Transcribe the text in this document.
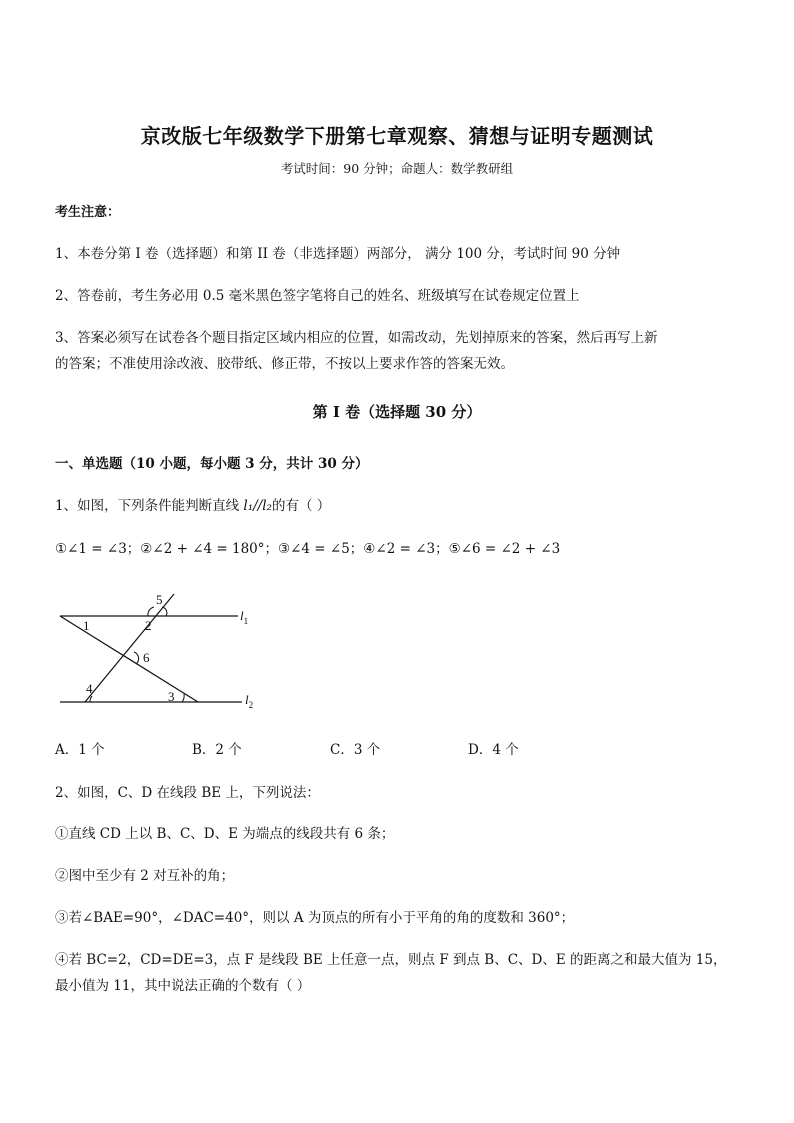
京改版七年级数学下册第七章观察、猜想与证明专题测试
考试时间：90 分钟；命题人：数学教研组
考生注意：
1、本卷分第 I 卷（选择题）和第 II 卷（非选择题）两部分， 满分 100 分，考试时间 90 分钟
2、答卷前，考生务必用 0.5 毫米黑色签字笔将自己的姓名、班级填写在试卷规定位置上
3、答案必须写在试卷各个题目指定区域内相应的位置，如需改动，先划掉原来的答案，然后再写上新
的答案；不准使用涂改液、胶带纸、修正带，不按以上要求作答的答案无效。
第 I 卷（选择题 30 分）
一、单选题（10 小题，每小题 3 分，共计 30 分）
1、如图，下列条件能判断直线 l₁//l₂的有（ ）
①∠1 = ∠3；②∠2 + ∠4 = 180°；③∠4 = ∠5；④∠2 = ∠3；⑤∠6 = ∠2 + ∠3
1	2
3
4
5
6
$l_1$
$l_2$
A．1 个	B．2 个	C．3 个	D．4 个
2、如图，C、D 在线段 BE 上，下列说法：
①直线 CD 上以 B、C、D、E 为端点的线段共有 6 条；
②图中至少有 2 对互补的角；
③若∠BAE=90°，∠DAC=40°，则以 A 为顶点的所有小于平角的角的度数和 360°；
④若 BC=2，CD=DE=3，点 F 是线段 BE 上任意一点，则点 F 到点 B、C、D、E 的距离之和最大值为 15，
最小值为 11，其中说法正确的个数有（ ）
